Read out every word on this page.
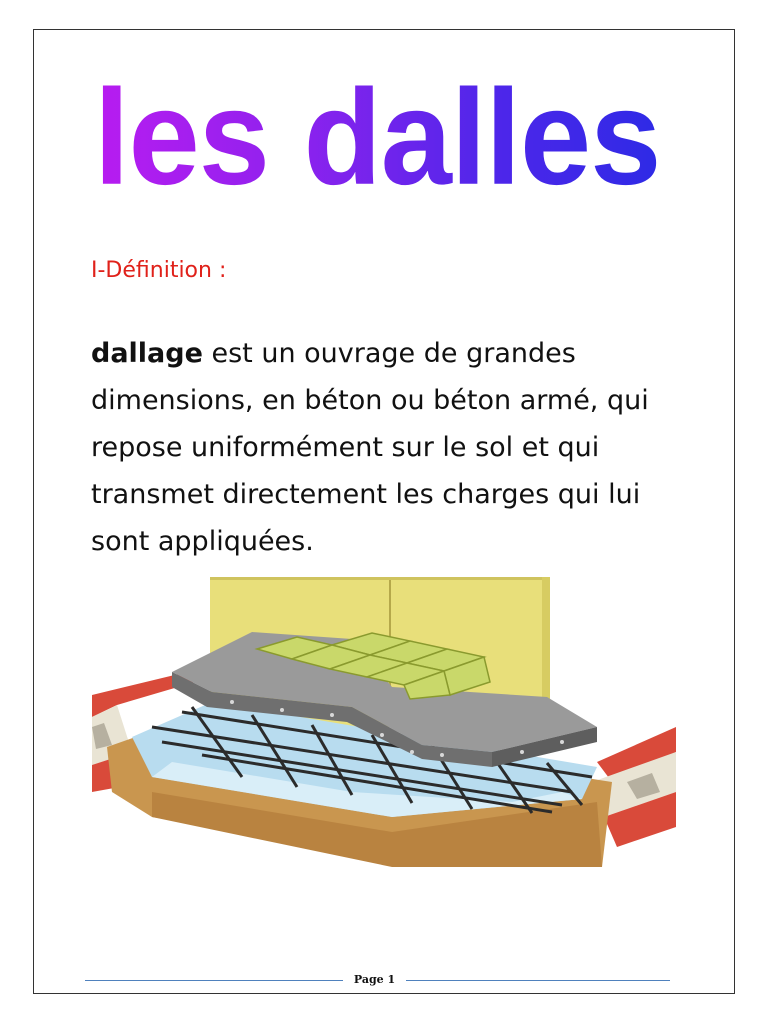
les dalles
I-Définition :

dallage est un ouvrage de grandes dimensions, en béton ou béton armé, qui repose uniformément sur le sol et qui transmet directement les charges qui lui sont appliquées.

Page 1
